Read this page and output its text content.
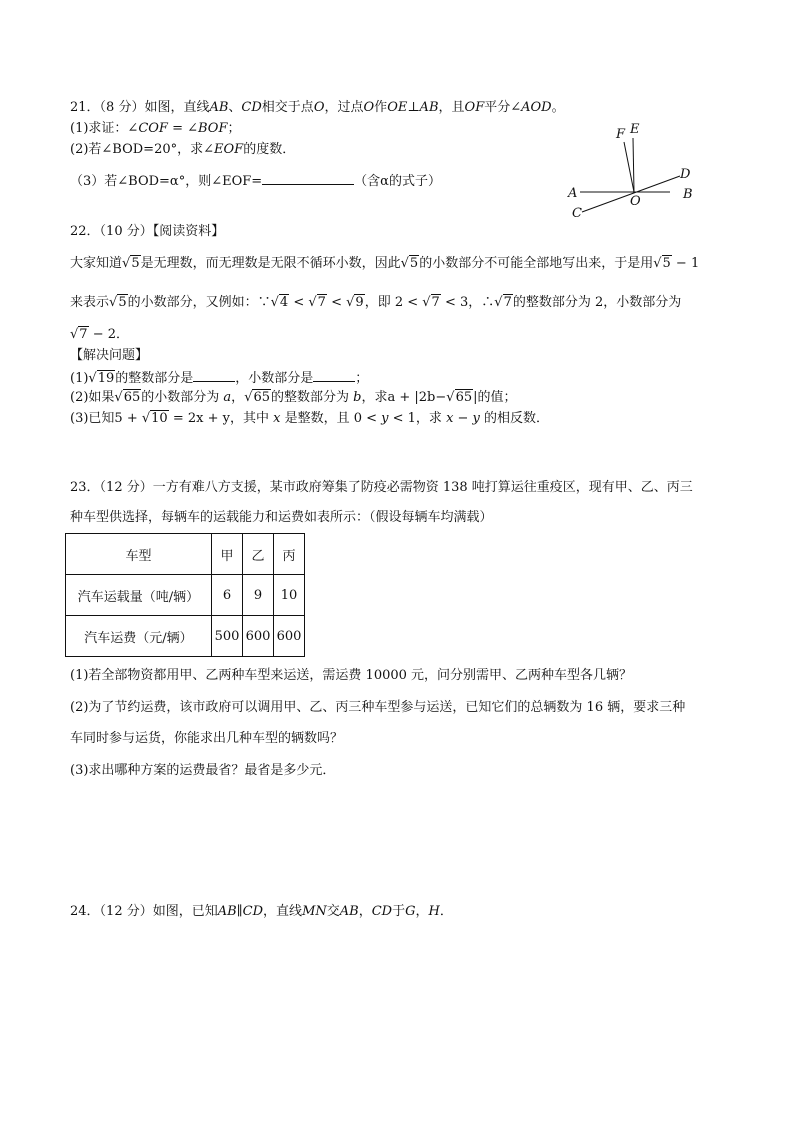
21．（8 分）如图，直线AB、CD相交于点O，过点O作OE⊥AB，且OF平分∠AOD。
(1)求证：∠COF = ∠BOF；
(2)若∠BOD=20°，求∠EOF的度数．
（3）若∠BOD=α°，则∠EOF=	（含α的式子）
F E
D
A	B
C
O
22．（10 分）【阅读资料】
大家知道√5是无理数，而无理数是无限不循环小数，因此√5的小数部分不可能全部地写出来，于是用√5 − 1
来表示√5的小数部分，又例如：∵√4 < √7 < √9，即 2 < √7 < 3，∴√7的整数部分为 2，小数部分为
√7 − 2．
【解决问题】
(1)√19的整数部分是	，小数部分是	；
(2)如果√65的小数部分为 a，√65的整数部分为 b，求a + |2b−√65|的值；
(3)已知5 + √10 = 2x + y，其中 x 是整数，且 0 < y < 1，求 x − y 的相反数．
23．（12 分）一方有难八方支援，某市政府筹集了防疫必需物资 138 吨打算运往重疫区，现有甲、乙、丙三
种车型供选择，每辆车的运载能力和运费如表所示：（假设每辆车均满载）
车型	甲	乙	丙
汽车运载量（吨/辆）	6	9	10
汽车运费（元/辆）	500	600	600
(1)若全部物资都用甲、乙两种车型来运送，需运费 10000 元，问分别需甲、乙两种车型各几辆？
(2)为了节约运费，该市政府可以调用甲、乙、丙三种车型参与运送，已知它们的总辆数为 16 辆，要求三种
车同时参与运货，你能求出几种车型的辆数吗？
(3)求出哪种方案的运费最省？最省是多少元．
24．（12 分）如图，已知AB∥CD，直线MN交AB，CD于G，H．
